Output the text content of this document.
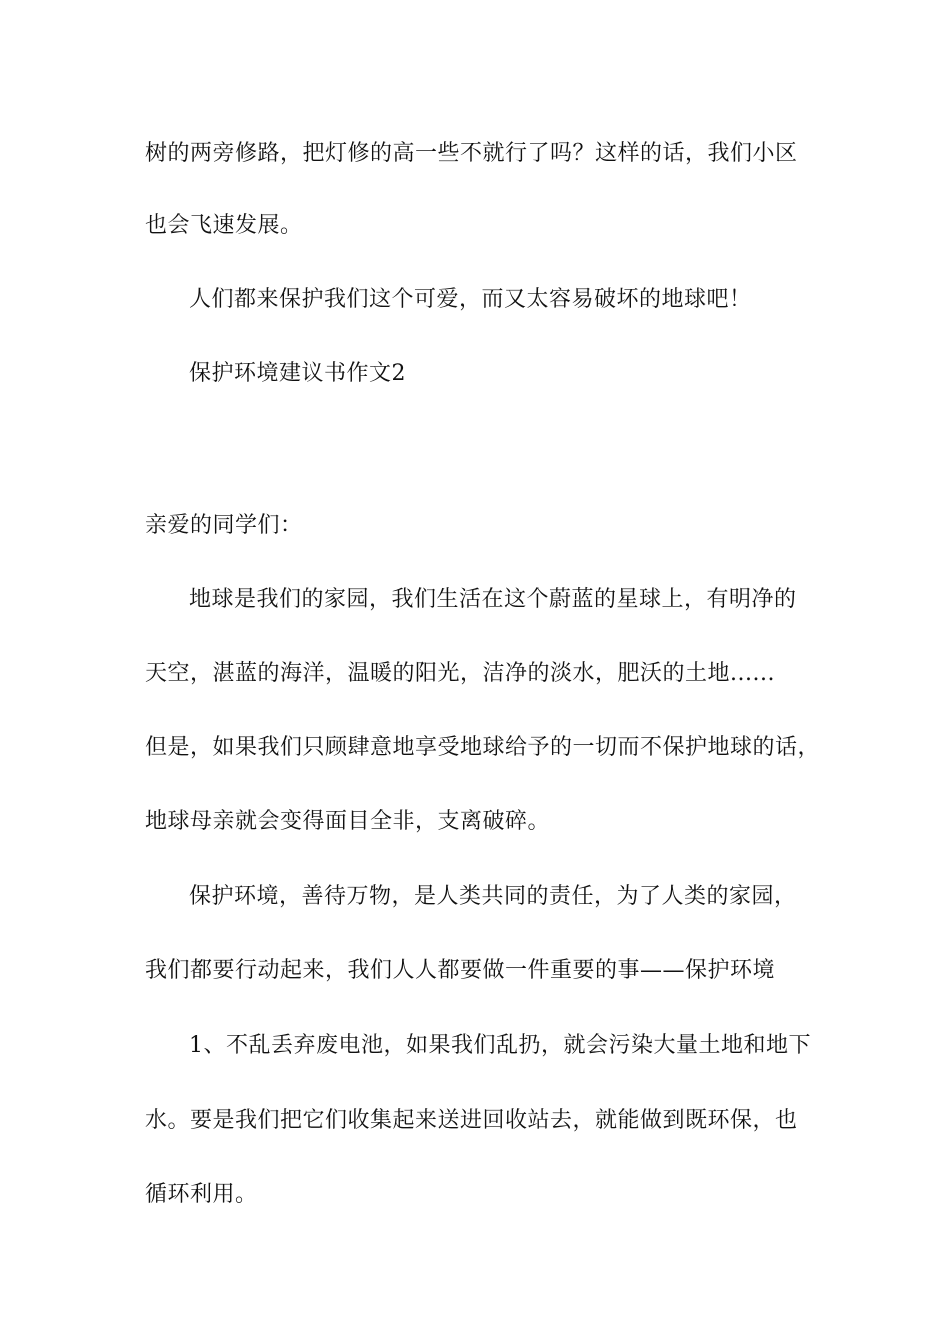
树的两旁修路，把灯修的高一些不就行了吗？这样的话，我们小区

也会飞速发展。

人们都来保护我们这个可爱，而又太容易破坏的地球吧！

保护环境建议书作文2

亲爱的同学们：

地球是我们的家园，我们生活在这个蔚蓝的星球上，有明净的

天空，湛蓝的海洋，温暖的阳光，洁净的淡水，肥沃的土地......

但是，如果我们只顾肆意地享受地球给予的一切而不保护地球的话，

地球母亲就会变得面目全非，支离破碎。

保护环境，善待万物，是人类共同的责任，为了人类的家园，

我们都要行动起来，我们人人都要做一件重要的事——保护环境

1、不乱丢弃废电池，如果我们乱扔，就会污染大量土地和地下

水。要是我们把它们收集起来送进回收站去，就能做到既环保，也

循环利用。
